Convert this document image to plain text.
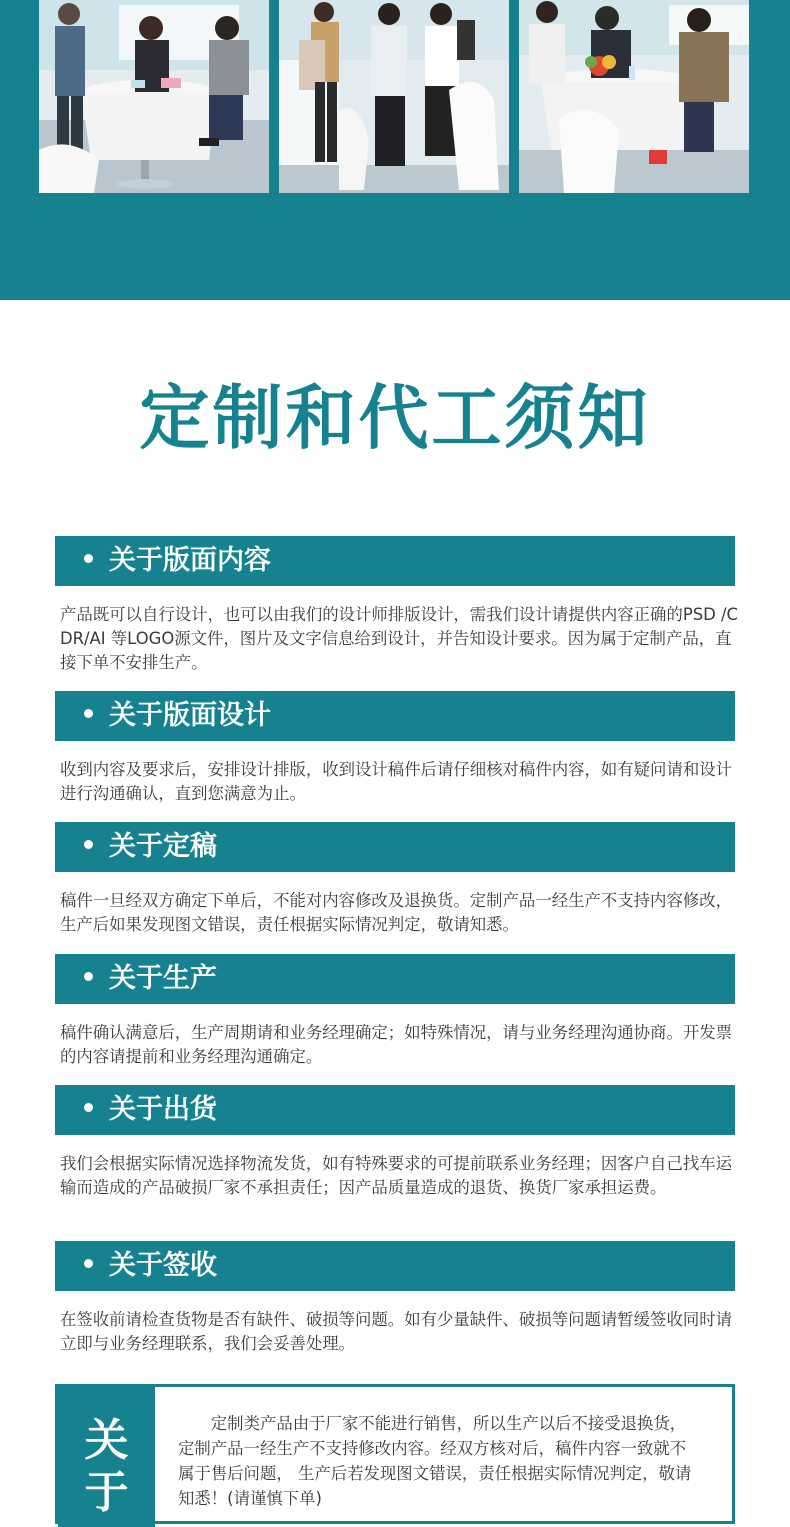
定制和代工须知
关于版面内容

产品既可以自行设计，也可以由我们的设计师排版设计，需我们设计请提供内容正确的PSD /CDR/AI 等LOGO源文件，图片及文字信息给到设计，并告知设计要求。因为属于定制产品，直接下单不安排生产。

关于版面设计

收到内容及要求后，安排设计排版，收到设计稿件后请仔细核对稿件内容，如有疑问请和设计进行沟通确认，直到您满意为止。

关于定稿

稿件一旦经双方确定下单后，不能对内容修改及退换货。定制产品一经生产不支持内容修改，生产后如果发现图文错误，责任根据实际情况判定，敬请知悉。

关于生产

稿件确认满意后，生产周期请和业务经理确定；如特殊情况，请与业务经理沟通协商。开发票的内容请提前和业务经理沟通确定。

关于出货

我们会根据实际情况选择物流发货，如有特殊要求的可提前联系业务经理；因客户自己找车运输而造成的产品破损厂家不承担责任；因产品质量造成的退货、换货厂家承担运费。

关于签收

在签收前请检查货物是否有缺件、破损等问题。如有少量缺件、破损等问题请暂缓签收同时请立即与业务经理联系，我们会妥善处理。

关
于

定制类产品由于厂家不能进行销售，所以生产以后不接受退换货，定制产品一经生产不支持修改内容。经双方核对后，稿件内容一致就不属于售后问题， 生产后若发现图文错误，责任根据实际情况判定，敬请知悉！(请谨慎下单)
